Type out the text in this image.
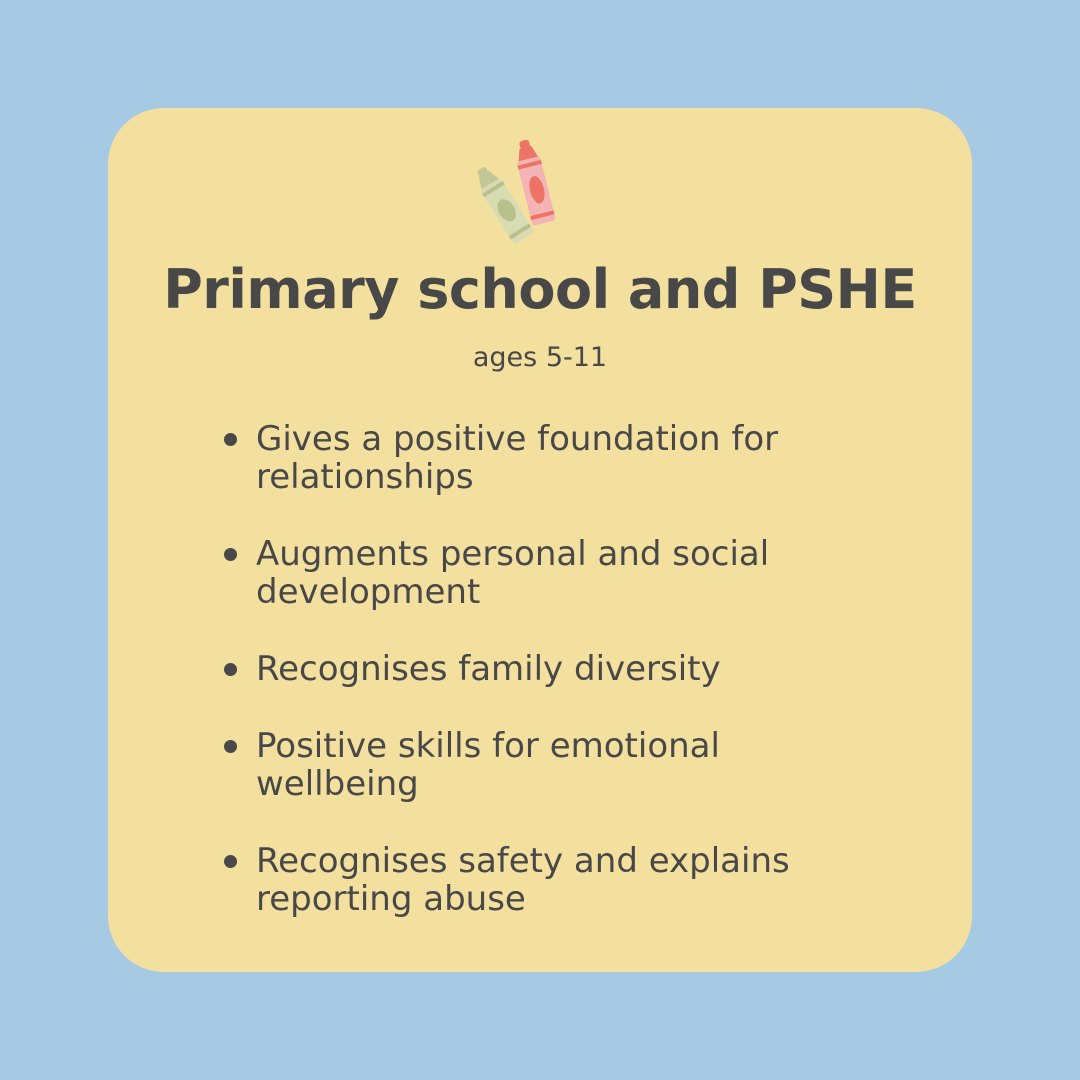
Primary school and PSHE

ages 5-11

Gives a positive foundation for relationships
Augments personal and social development
Recognises family diversity
Positive skills for emotional wellbeing
Recognises safety and explains reporting abuse
